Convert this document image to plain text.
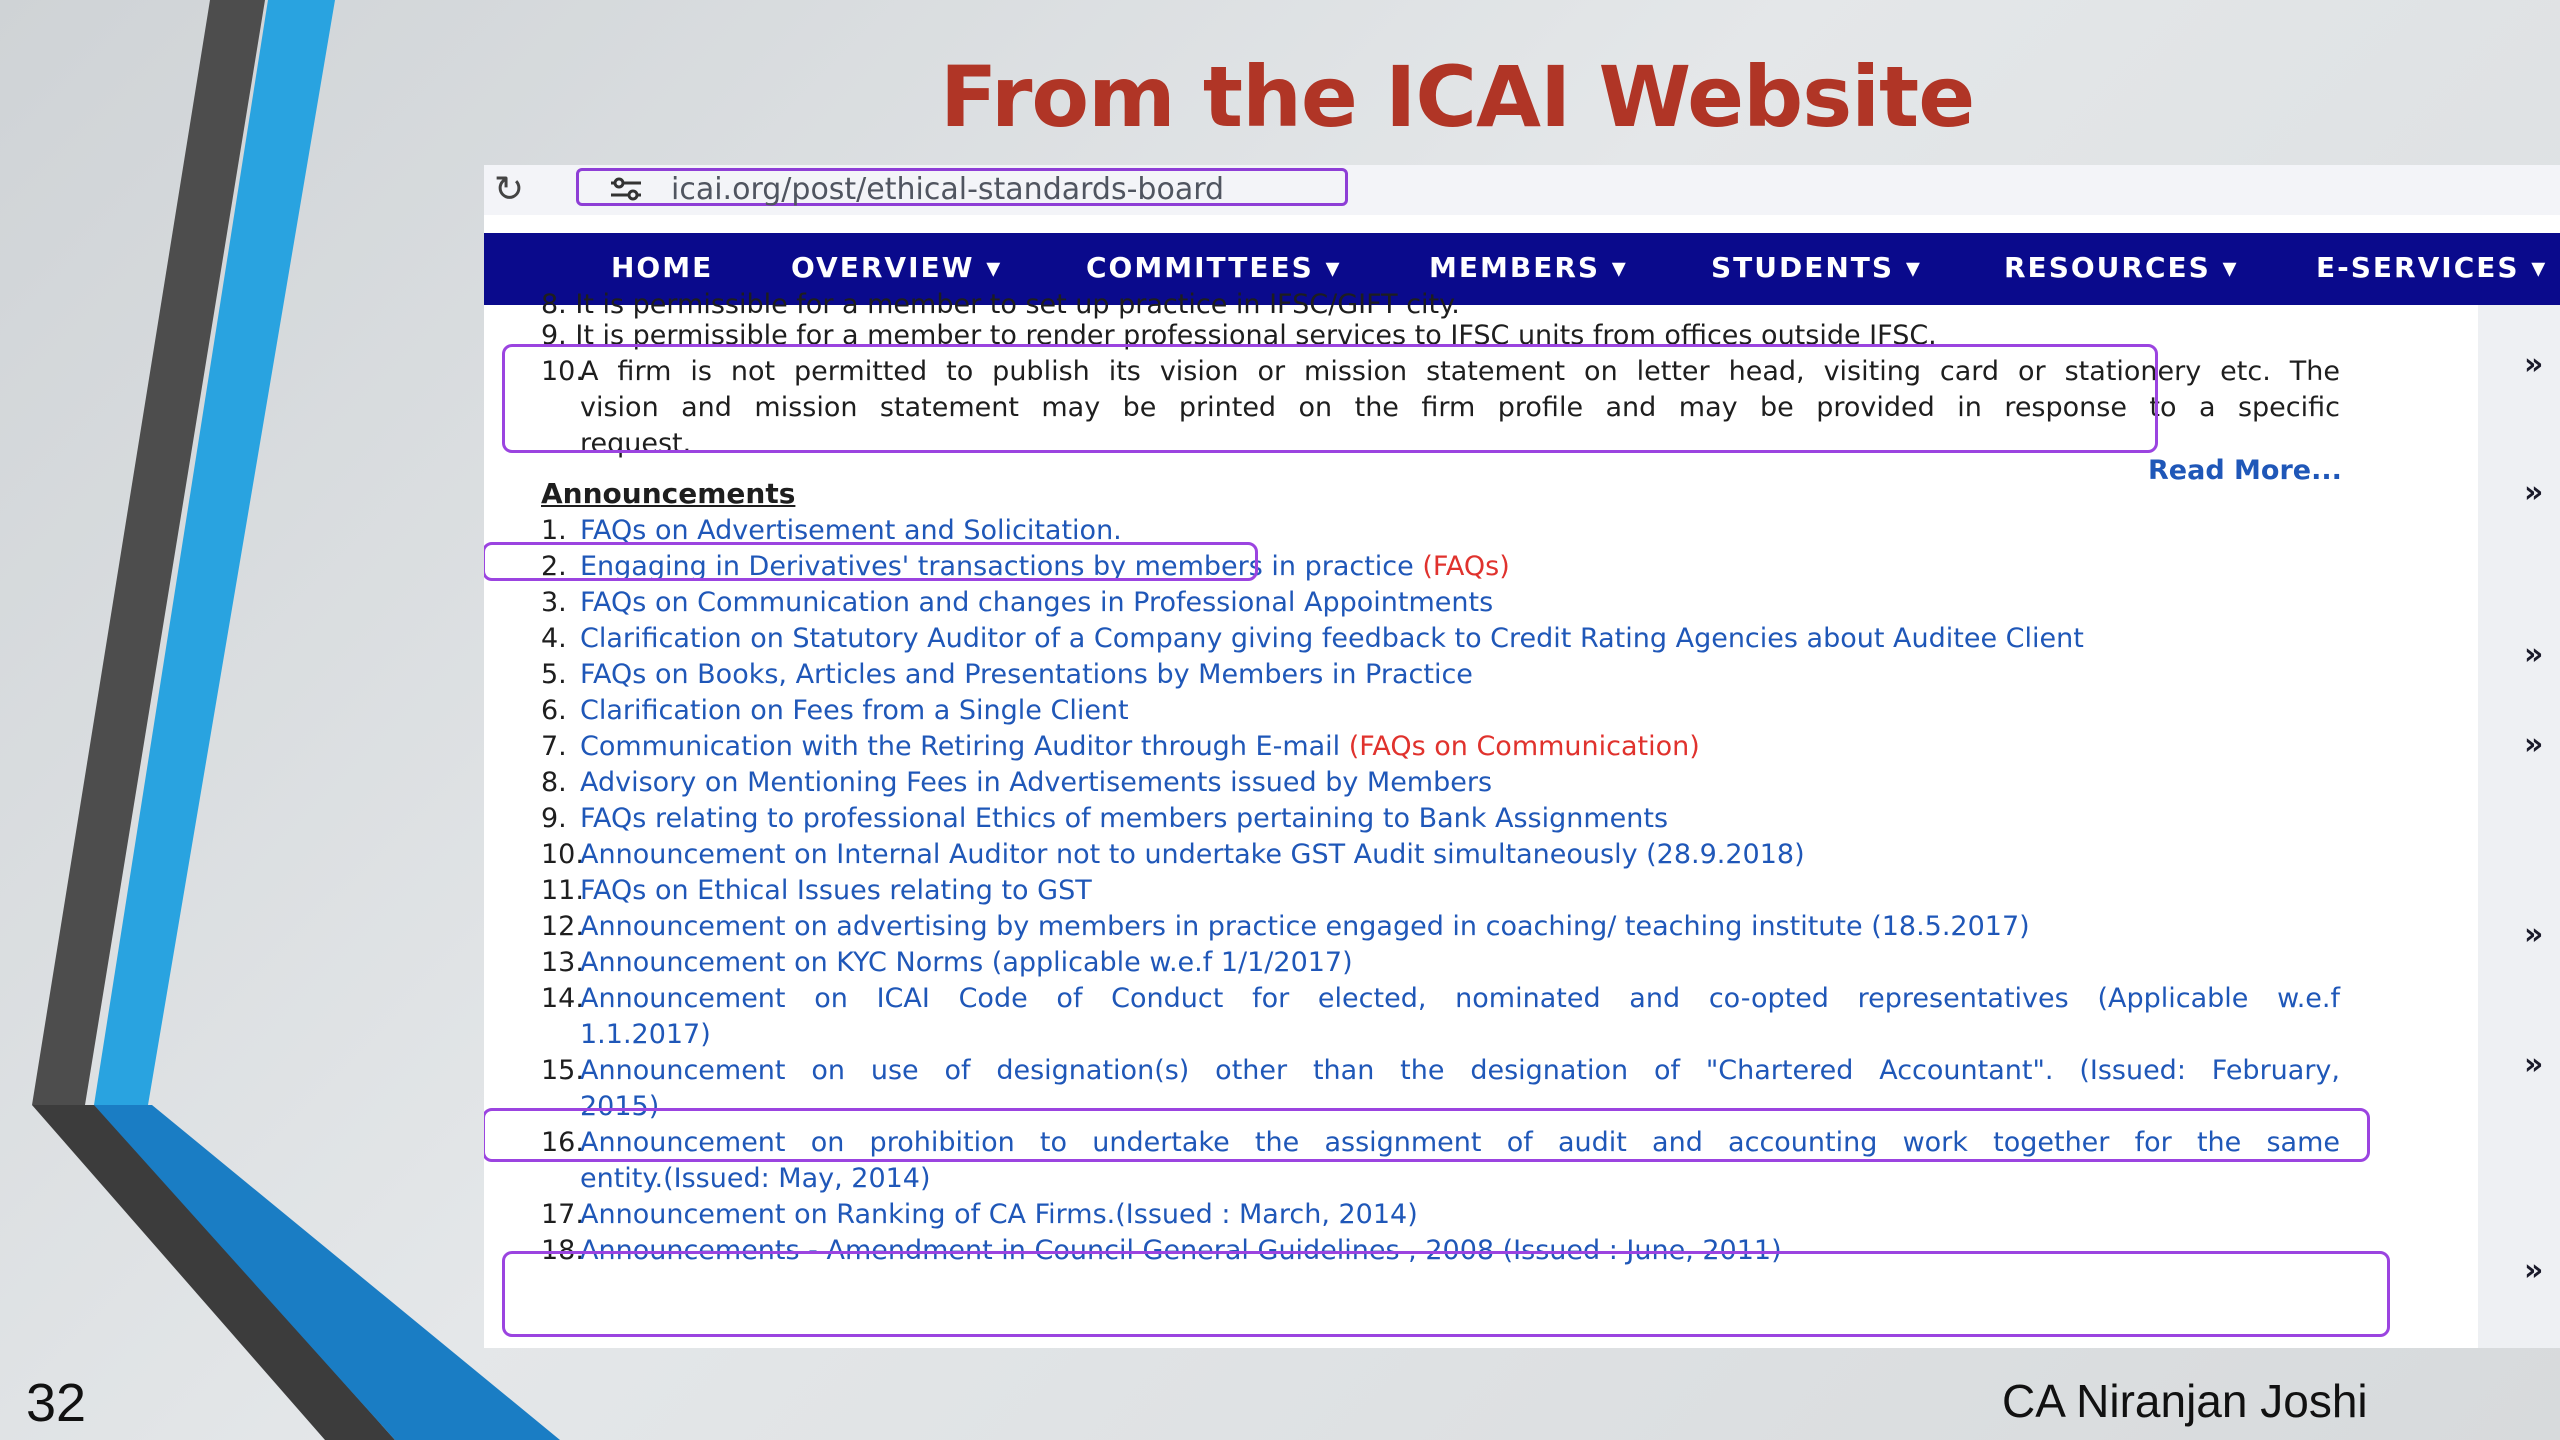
From the ICAI Website
↻	icai.org/post/ethical-standards-board
HOME	OVERVIEW ▾	COMMITTEES ▾	MEMBERS ▾	STUDENTS ▾	RESOURCES ▾	E-SERVICES ▾
»
»
»
»
»
»
»
8. It is permissible for a member to set up practice in IFSC/GIFT city.
9. It is permissible for a member to render professional services to IFSC units from offices outside IFSC.
10.
A firm is not permitted to publish its vision or mission statement on letter head, visiting card or stationery etc. The
vision and mission statement may be printed on the firm profile and may be provided in response to a specific
request.
Read More...
Announcements
1. FAQs on Advertisement and Solicitation.
2. Engaging in Derivatives' transactions by members in practice (FAQs)
3. FAQs on Communication and changes in Professional Appointments
4. Clarification on Statutory Auditor of a Company giving feedback to Credit Rating Agencies about Auditee Client
5. FAQs on Books, Articles and Presentations by Members in Practice
6. Clarification on Fees from a Single Client
7. Communication with the Retiring Auditor through E-mail (FAQs on Communication)
8. Advisory on Mentioning Fees in Advertisements issued by Members
9. FAQs relating to professional Ethics of members pertaining to Bank Assignments
10.
Announcement on Internal Auditor not to undertake GST Audit simultaneously (28.9.2018)
11.
FAQs on Ethical Issues relating to GST
12.
Announcement on advertising by members in practice engaged in coaching/ teaching institute (18.5.2017)
13.
Announcement on KYC Norms (applicable w.e.f 1/1/2017)
14.
Announcement on ICAI Code of Conduct for elected, nominated and co-opted representatives (Applicable w.e.f
1.1.2017)
15.
Announcement on use of designation(s) other than the designation of "Chartered Accountant". (Issued: February,
2015)
16.
Announcement on prohibition to undertake the assignment of audit and accounting work together for the same
entity.(Issued: May, 2014)
17.
Announcement on Ranking of CA Firms.(Issued : March, 2014)
18.
Announcements - Amendment in Council General Guidelines , 2008 (Issued : June, 2011)
32	CA Niranjan Joshi
